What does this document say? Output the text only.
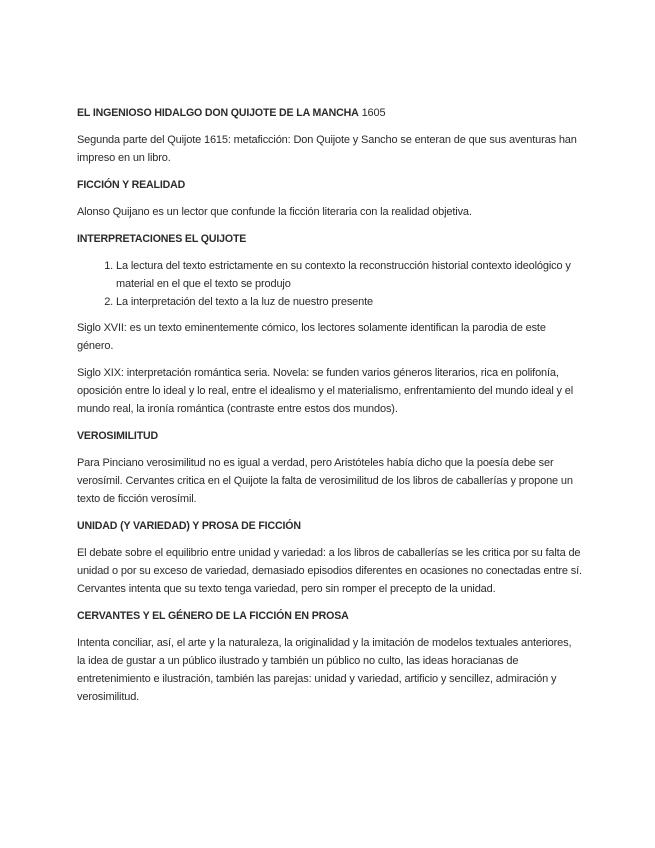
EL INGENIOSO HIDALGO DON QUIJOTE DE LA MANCHA 1605

Segunda parte del Quijote 1615: metaficción: Don Quijote y Sancho se enteran de que sus aventuras han impreso en un libro.

FICCIÓN Y REALIDAD

Alonso Quijano es un lector que confunde la ficción literaria con la realidad objetiva.

INTERPRETACIONES EL QUIJOTE

1. La lectura del texto estrictamente en su contexto la reconstrucción historial contexto ideológico y material en el que el texto se produjo
2. La interpretación del texto a la luz de nuestro presente

Siglo XVII: es un texto eminentemente cómico, los lectores solamente identifican la parodia de este género.

Siglo XIX: interpretación romántica seria. Novela: se funden varios géneros literarios, rica en polifonía, oposición entre lo ideal y lo real, entre el idealismo y el materialismo, enfrentamiento del mundo ideal y el mundo real, la ironía romántica (contraste entre estos dos mundos).

VEROSIMILITUD

Para Pinciano verosimilitud no es igual a verdad, pero Aristóteles había dicho que la poesía debe ser verosímil. Cervantes critica en el Quijote la falta de verosimilitud de los libros de caballerías y propone un texto de ficción verosímil.

UNIDAD (Y VARIEDAD) Y PROSA DE FICCIÓN

El debate sobre el equilibrio entre unidad y variedad: a los libros de caballerías se les critica por su falta de unidad o por su exceso de variedad, demasiado episodios diferentes en ocasiones no conectadas entre sí. Cervantes intenta que su texto tenga variedad, pero sin romper el precepto de la unidad.

CERVANTES Y EL GÉNERO DE LA FICCIÓN EN PROSA

Intenta conciliar, así, el arte y la naturaleza, la originalidad y la imitación de modelos textuales anteriores, la idea de gustar a un público ilustrado y también un público no culto, las ideas horacianas de entretenimiento e ilustración, también las parejas: unidad y variedad, artificio y sencillez, admiración y verosimilitud.
